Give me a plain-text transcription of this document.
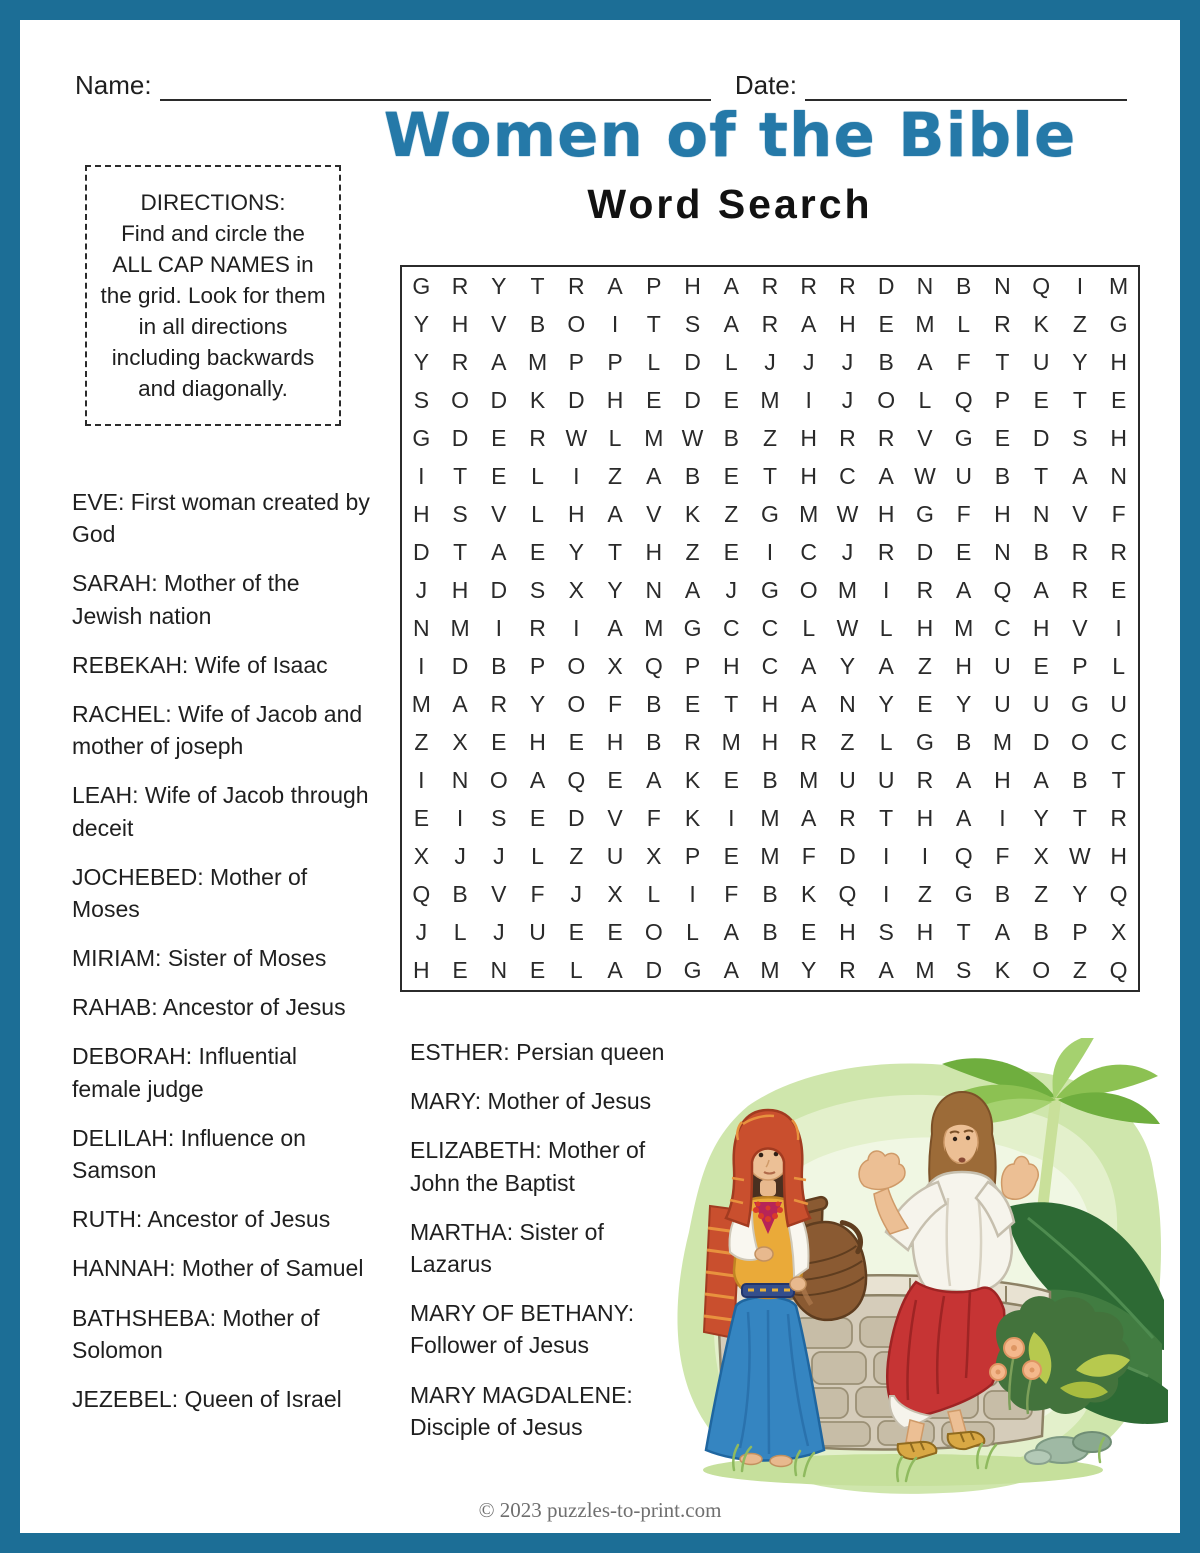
Name:	Date:
Women of the Bible
Word Search
DIRECTIONS:
Find and circle the ALL CAP NAMES in the grid. Look for them in all directions including backwards and diagonally.
G R Y	T	R A	P H A R R R D N B N Q	I	M
Y H V	B O	I	T	S	A R A H E M L	R K	Z G
Y R A M P	P	L	D	L	J	J	J	B	A	F	T	U Y H
S O D K D H E D E M	I	J	O	L	Q P	E	T	E
G D E R W L M W B	Z	H R R V G E D S H
I	T	E	L	I	Z	A	B	E	T	H C A W U B	T	A N
H S	V	L	H A	V	K	Z G M W H G F	H N V	F
D	T	A	E	Y	T	H	Z	E	I	C	J	R D E N B R R
J	H D S	X	Y N A	J	G O M	I	R A Q A R E
N M	I	R	I	A M G C C	L W L	H M C H V	I
I	D B	P O X Q P H C A	Y	A	Z	H U E	P	L
M A R Y O F	B	E	T	H A N Y	E	Y U U G U
Z	X	E H E H B R M H R	Z	L	G B M D O C
I	N O A Q E	A	K	E	B M U U R A H A	B	T
E	I	S	E D V	F	K	I	M A R	T	H A	I	Y	T	R
X	J	J	L	Z	U X	P	E M F	D	I	I	Q F	X W H
Q B	V	F	J	X	L	I	F	B	K Q	I	Z G B	Z	Y Q
J	L	J	U E	E O	L	A	B	E H S H	T	A	B	P	X
H E N E	L	A D G A M Y R A M S	K O Z Q

EVE: First woman created by God

SARAH: Mother of the Jewish nation

REBEKAH: Wife of Isaac

RACHEL: Wife of Jacob and mother of joseph

LEAH: Wife of Jacob through deceit

JOCHEBED: Mother of Moses

MIRIAM: Sister of Moses

RAHAB: Ancestor of Jesus

DEBORAH: Influential female judge

DELILAH: Influence on Samson

RUTH: Ancestor of Jesus

HANNAH: Mother of Samuel

BATHSHEBA: Mother of Solomon

JEZEBEL: Queen of Israel

ESTHER: Persian queen

MARY: Mother of Jesus

ELIZABETH: Mother of John the Baptist

MARTHA: Sister of Lazarus

MARY OF BETHANY: Follower of Jesus

MARY MAGDALENE: Disciple of Jesus

© 2023 puzzles-to-print.com
